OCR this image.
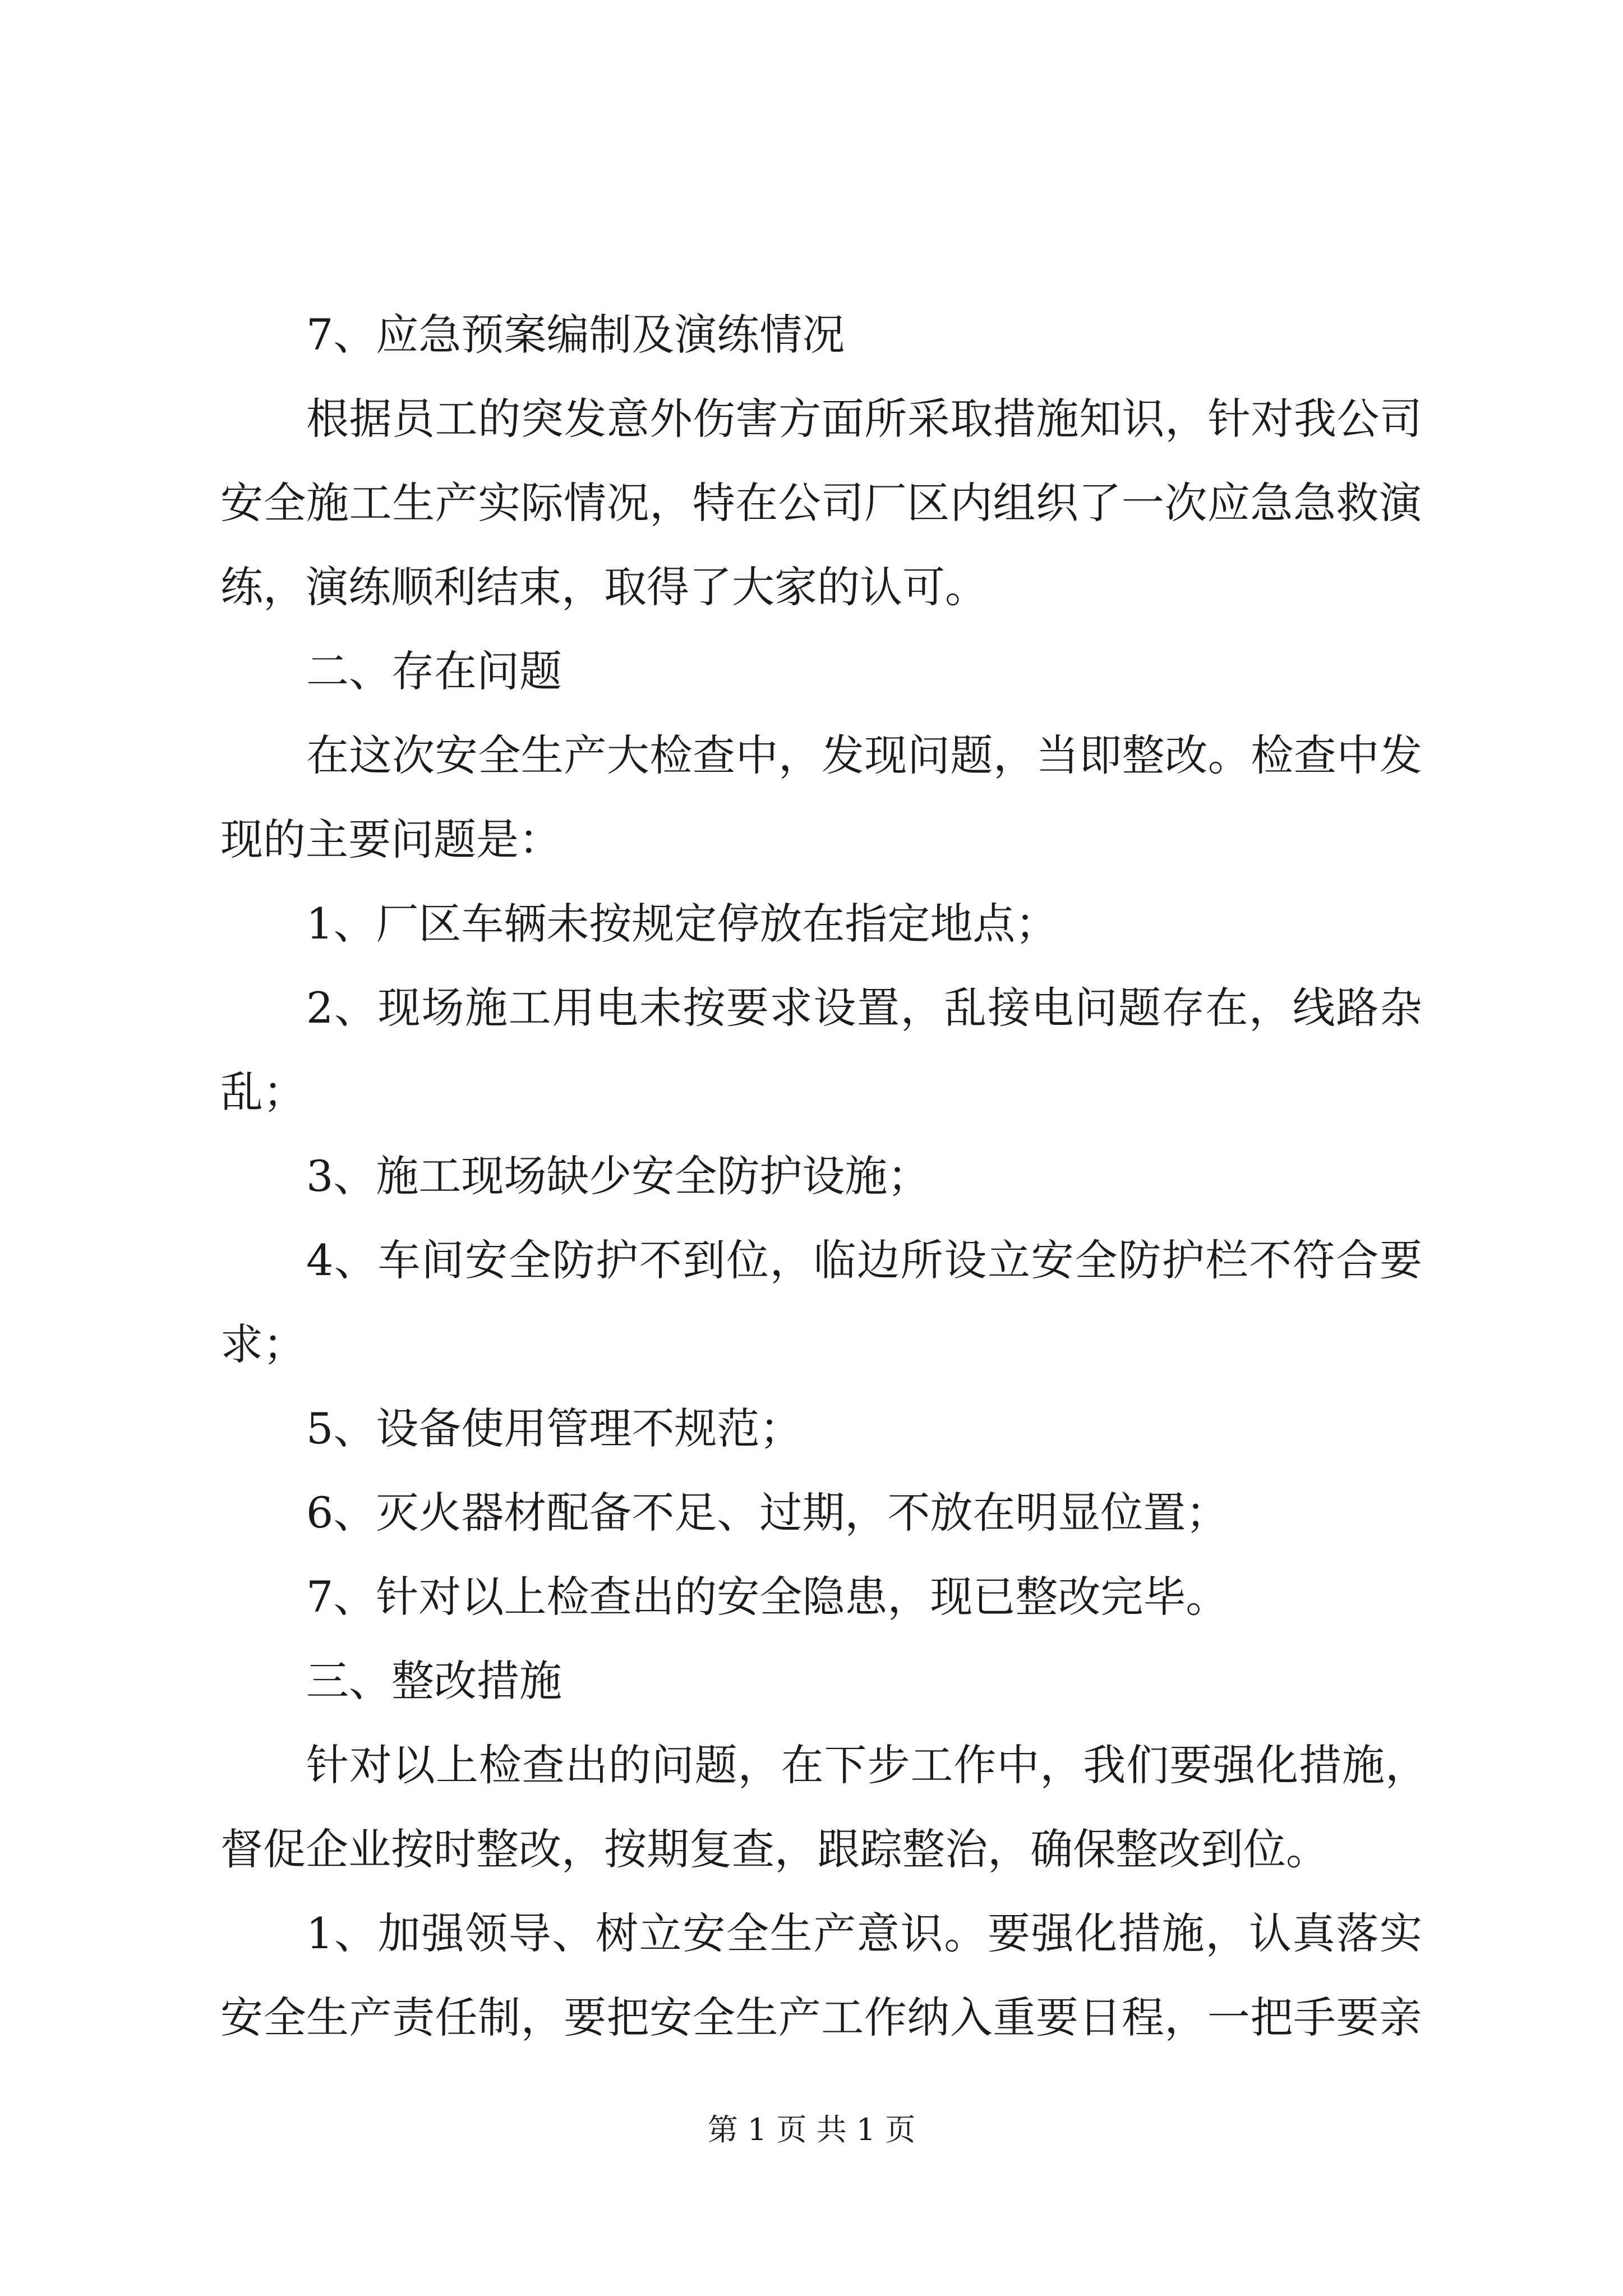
7、应急预案编制及演练情况
根据员工的突发意外伤害方面所采取措施知识，针对我公司
安全施工生产实际情况，特在公司厂区内组织了一次应急急救演
练，演练顺利结束，取得了大家的认可。
二、存在问题
在这次安全生产大检查中，发现问题，当即整改。检查中发
现的主要问题是：
1、厂区车辆未按规定停放在指定地点；
2、现场施工用电未按要求设置，乱接电问题存在，线路杂
乱；
3、施工现场缺少安全防护设施；
4、车间安全防护不到位，临边所设立安全防护栏不符合要
求；
5、设备使用管理不规范；
6、灭火器材配备不足、过期，不放在明显位置；
7、针对以上检查出的安全隐患，现已整改完毕。
三、整改措施
针对以上检查出的问题，在下步工作中，我们要强化措施，
督促企业按时整改，按期复查，跟踪整治，确保整改到位。
1、加强领导、树立安全生产意识。要强化措施，认真落实
安全生产责任制，要把安全生产工作纳入重要日程，一把手要亲
第 1 页 共 1 页
